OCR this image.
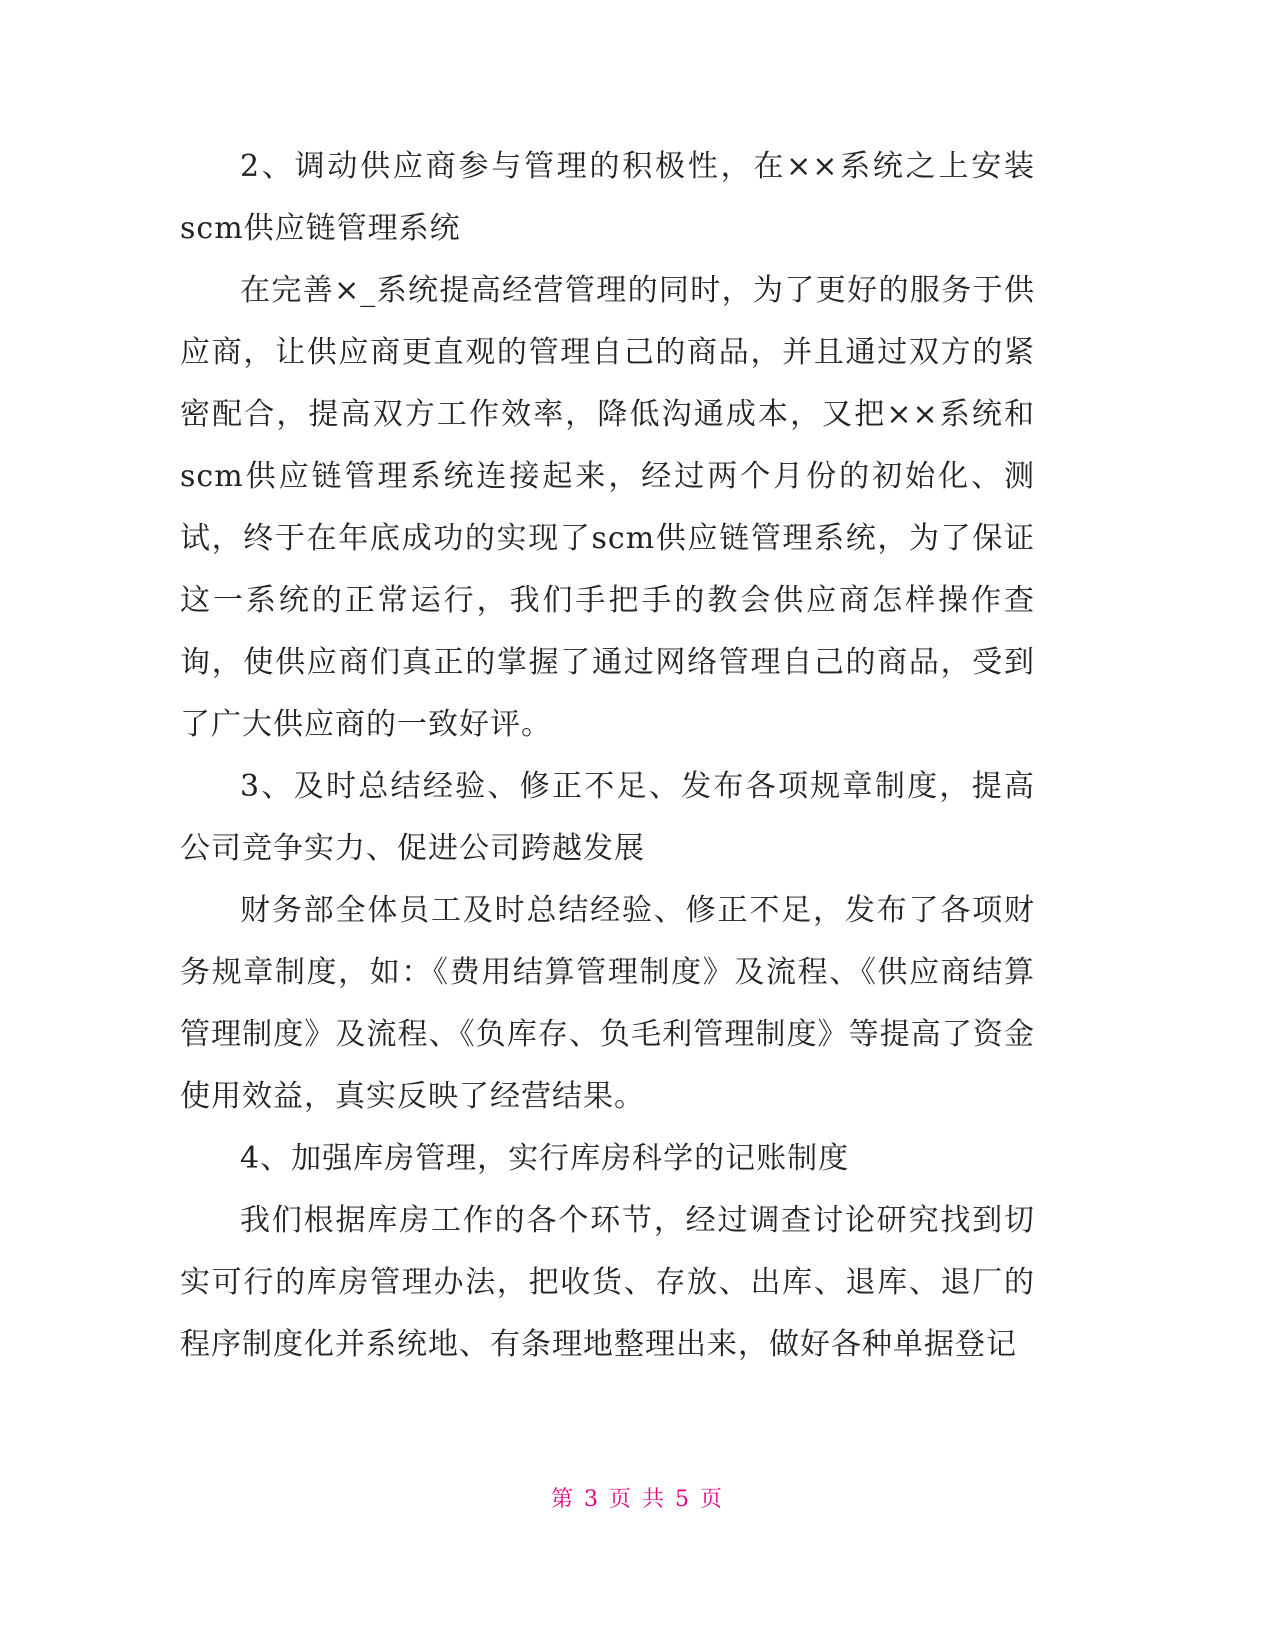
2、调动供应商参与管理的积极性，在××系统之上安装scm供应链管理系统

在完善×_系统提高经营管理的同时，为了更好的服务于供应商，让供应商更直观的管理自己的商品，并且通过双方的紧密配合，提高双方工作效率，降低沟通成本，又把××系统和scm供应链管理系统连接起来，经过两个月份的初始化、测试，终于在年底成功的实现了scm供应链管理系统，为了保证这一系统的正常运行，我们手把手的教会供应商怎样操作查询，使供应商们真正的掌握了通过网络管理自己的商品，受到了广大供应商的一致好评。

3、及时总结经验、修正不足、发布各项规章制度，提高公司竞争实力、促进公司跨越发展

财务部全体员工及时总结经验、修正不足，发布了各项财务规章制度，如：《费用结算管理制度》及流程、《供应商结算管理制度》及流程、《负库存、负毛利管理制度》等提高了资金使用效益，真实反映了经营结果。

4、加强库房管理，实行库房科学的记账制度

我们根据库房工作的各个环节，经过调查讨论研究找到切实可行的库房管理办法，把收货、存放、出库、退库、退厂的程序制度化并系统地、有条理地整理出来，做好各种单据登记

第 3 页 共 5 页
